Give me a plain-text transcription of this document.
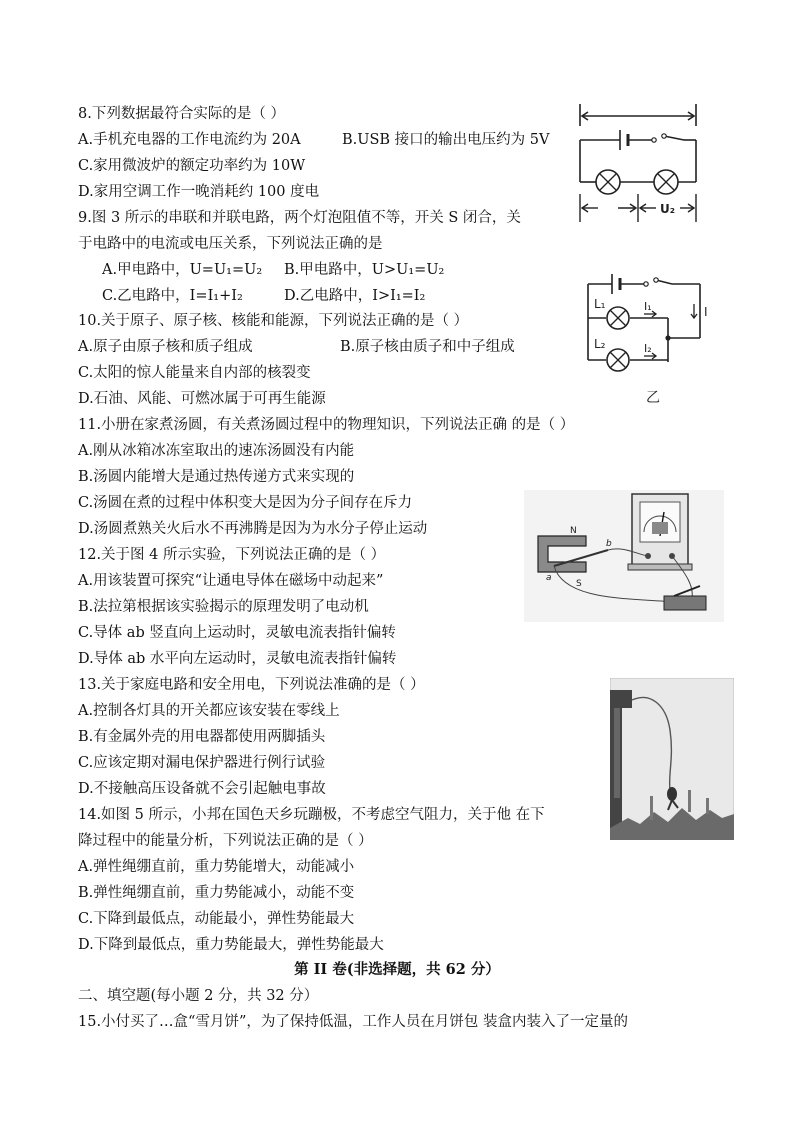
8.下列数据最符合实际的是（ ）
A.手机充电器的工作电流约为 20A	B.USB 接口的输出电压约为 5V
C.家用微波炉的额定功率约为 10W
D.家用空调工作一晚消耗约 100 度电
9.图 3 所示的串联和并联电路，两个灯泡阻值不等，开关 S 闭合，关
于电路中的电流或电压关系，下列说法正确的是
A.甲电路中，U=U₁=U₂ B.甲电路中，U>U₁=U₂
C.乙电路中，I=I₁+I₂	D.乙电路中，I>I₁=I₂
10.关于原子、原子核、核能和能源，下列说法正确的是（ ）
A.原子由原子核和质子组成	B.原子核由质子和中子组成
C.太阳的惊人能量来自内部的核裂变
D.石油、风能、可燃冰属于可再生能源
11.小册在家煮汤圆，有关煮汤圆过程中的物理知识，下列说法正确 的是（ ）
A.刚从冰箱冰冻室取出的速冻汤圆没有内能
B.汤圆内能增大是通过热传递方式来实现的
C.汤圆在煮的过程中体积变大是因为分子间存在斥力
D.汤圆煮熟关火后水不再沸腾是因为为水分子停止运动
12.关于图 4 所示实验，下列说法正确的是（ ）
A.用该装置可探究“让通电导体在磁场中动起来”
B.法拉第根据该实验揭示的原理发明了电动机
C.导体 ab 竖直向上运动时，灵敏电流表指针偏转
D.导体 ab 水平向左运动时，灵敏电流表指针偏转
13.关于家庭电路和安全用电，下列说法准确的是（ ）
A.控制各灯具的开关都应该安装在零线上
B.有金属外壳的用电器都使用两脚插头
C.应该定期对漏电保护器进行例行试验
D.不接触高压设备就不会引起触电事故
14.如图 5 所示，小邦在国色天乡玩蹦极，不考虑空气阻力，关于他 在下
降过程中的能量分析，下列说法正确的是（ ）
A.弹性绳绷直前，重力势能增大，动能减小
B.弹性绳绷直前，重力势能减小，动能不变
C.下降到最低点，动能最小，弹性势能最大
D.下降到最低点，重力势能最大，弹性势能最大
第 II 卷(非选择题，共 62 分）
二、填空题(每小题 2 分，共 32 分）
15.小付买了…盒“雪月饼”，为了保持低温，工作人员在月饼包 装盒内装入了一定量的
U₂
L₁
L₂
I₁
I₂
I
乙
N
S
a
b
